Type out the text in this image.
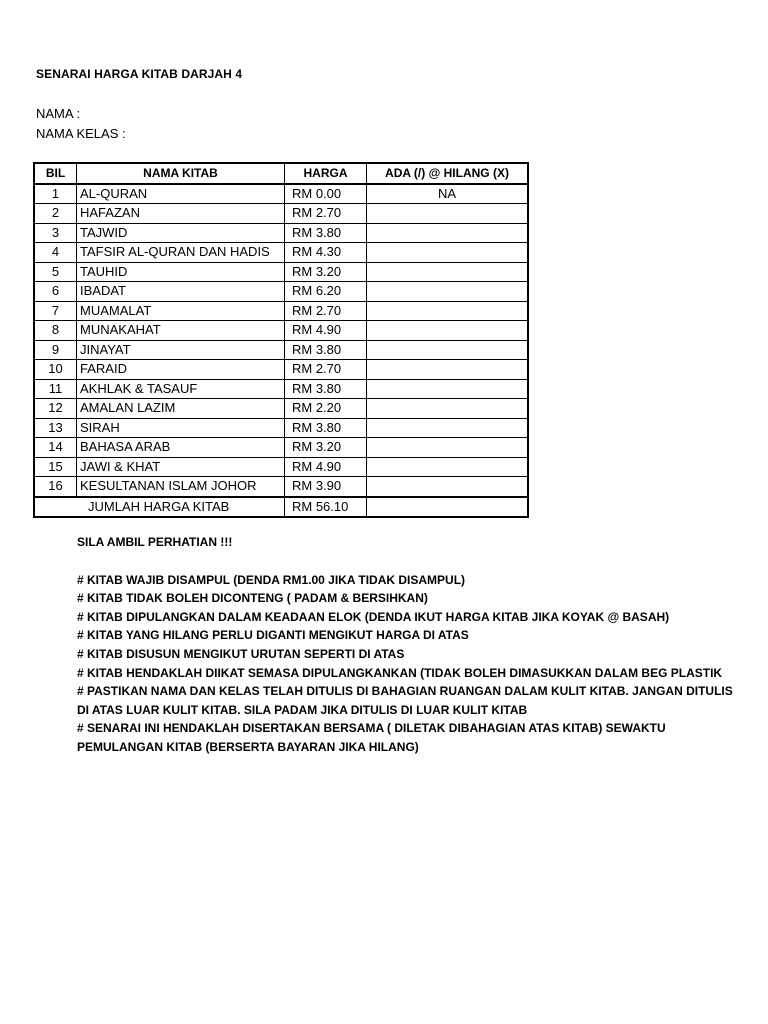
SENARAI HARGA KITAB DARJAH 4
NAMA :
NAMA KELAS :
BIL	NAMA KITAB	HARGA	ADA (/) @ HILANG (X)
1	AL-QURAN	RM 0.00	NA
2	HAFAZAN	RM 2.70	
3	TAJWID	RM 3.80	
4	TAFSIR AL-QURAN DAN HADIS	RM 4.30	
5	TAUHID	RM 3.20	
6	IBADAT	RM 6.20	
7	MUAMALAT	RM 2.70	
8	MUNAKAHAT	RM 4.90	
9	JINAYAT	RM 3.80	
10	FARAID	RM 2.70	
11	AKHLAK & TASAUF	RM 3.80	
12	AMALAN LAZIM	RM 2.20	
13	SIRAH	RM 3.80	
14	BAHASA ARAB	RM 3.20	
15	JAWI & KHAT	RM 4.90	
16	KESULTANAN ISLAM JOHOR	RM 3.90	
JUMLAH HARGA KITAB		RM 56.10	
SILA AMBIL PERHATIAN !!!
# KITAB WAJIB DISAMPUL (DENDA RM1.00 JIKA TIDAK DISAMPUL)
# KITAB TIDAK BOLEH DICONTENG ( PADAM & BERSIHKAN)
# KITAB DIPULANGKAN DALAM KEADAAN ELOK (DENDA IKUT HARGA KITAB JIKA KOYAK @ BASAH)
# KITAB YANG HILANG PERLU DIGANTI MENGIKUT HARGA DI ATAS
# KITAB DISUSUN MENGIKUT URUTAN SEPERTI DI ATAS
# KITAB HENDAKLAH DIIKAT SEMASA DIPULANGKANKAN (TIDAK BOLEH DIMASUKKAN DALAM BEG PLASTIK
# PASTIKAN NAMA DAN KELAS TELAH DITULIS DI BAHAGIAN RUANGAN DALAM KULIT KITAB. JANGAN DITULIS DI ATAS LUAR KULIT KITAB. SILA PADAM JIKA DITULIS DI LUAR KULIT KITAB
# SENARAI INI HENDAKLAH DISERTAKAN BERSAMA ( DILETAK DIBAHAGIAN ATAS KITAB) SEWAKTU PEMULANGAN KITAB (BERSERTA BAYARAN JIKA HILANG)
